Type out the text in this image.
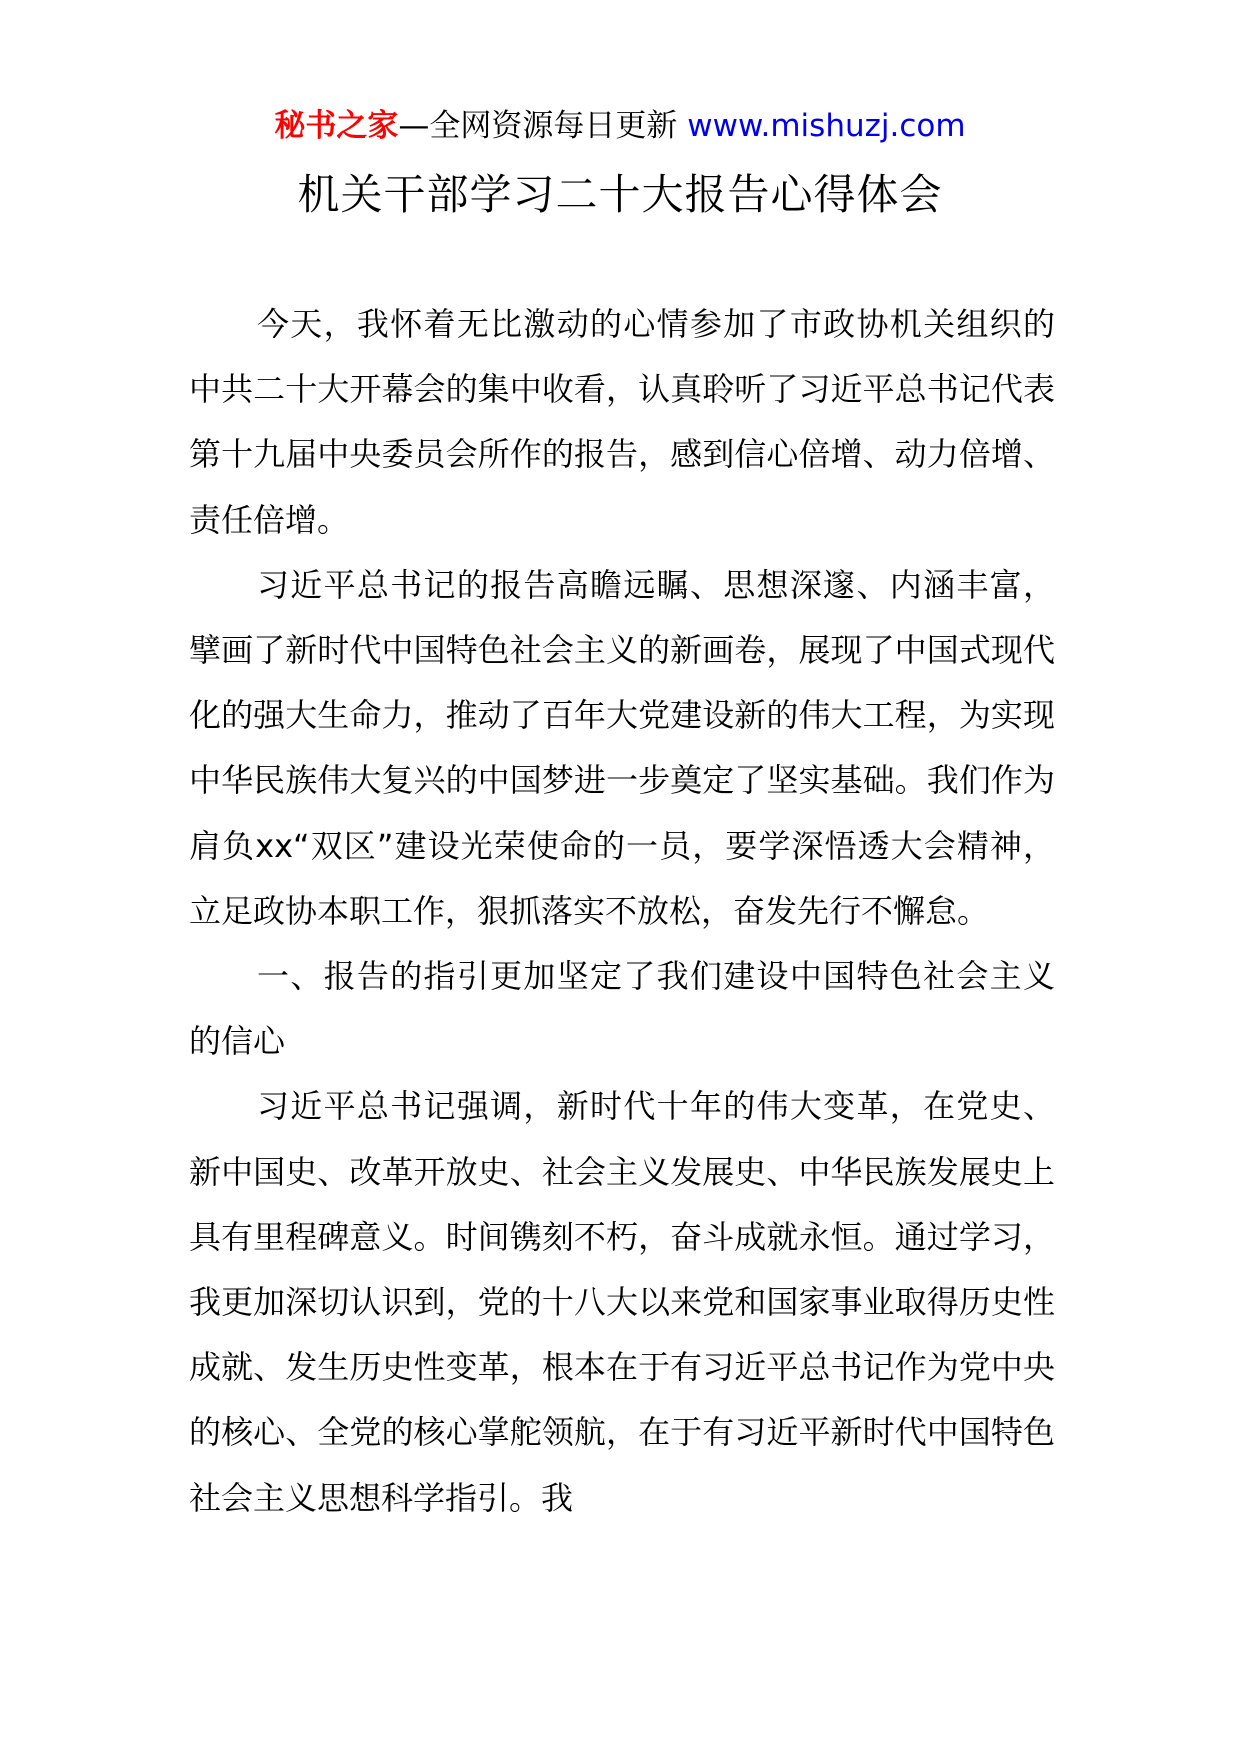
秘书之家—全网资源每日更新 www.mishuzj.com
机关干部学习二十大报告心得体会

今天，我怀着无比激动的心情参加了市政协机关组织的中共二十大开幕会的集中收看，认真聆听了习近平总书记代表第十九届中央委员会所作的报告，感到信心倍增、动力倍增、责任倍增。

习近平总书记的报告高瞻远瞩、思想深邃、内涵丰富，擘画了新时代中国特色社会主义的新画卷，展现了中国式现代化的强大生命力，推动了百年大党建设新的伟大工程，为实现中华民族伟大复兴的中国梦进一步奠定了坚实基础。我们作为肩负xx“双区”建设光荣使命的一员，要学深悟透大会精神，立足政协本职工作，狠抓落实不放松，奋发先行不懈怠。

一、报告的指引更加坚定了我们建设中国特色社会主义的信心

习近平总书记强调，新时代十年的伟大变革，在党史、新中国史、改革开放史、社会主义发展史、中华民族发展史上具有里程碑意义。时间镌刻不朽，奋斗成就永恒。通过学习，我更加深切认识到，党的十八大以来党和国家事业取得历史性成就、发生历史性变革，根本在于有习近平总书记作为党中央的核心、全党的核心掌舵领航，在于有习近平新时代中国特色社会主义思想科学指引。我
